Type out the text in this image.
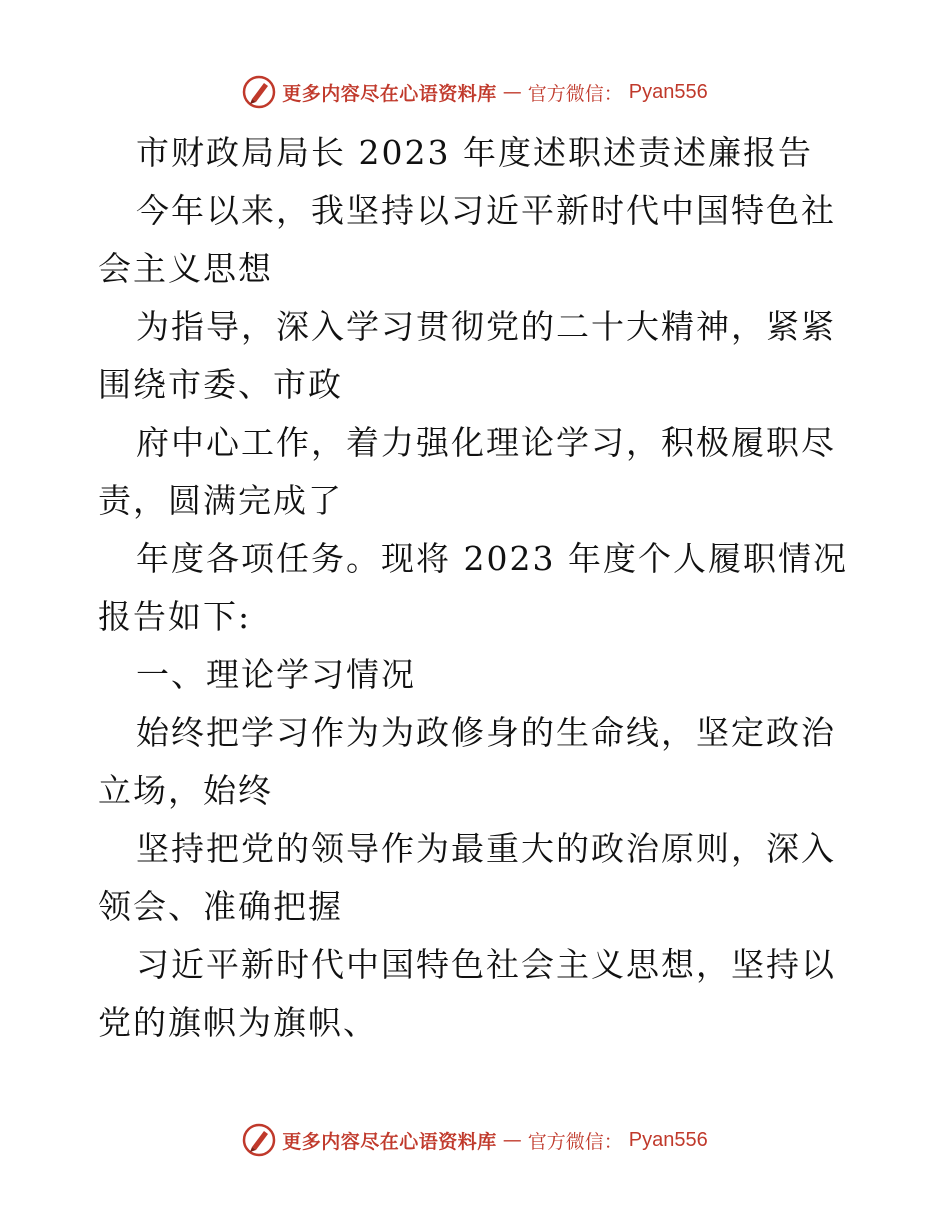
更多内容尽在心语资料库 — 官方微信： Pyan556

市财政局局长 2023 年度述职述责述廉报告

今年以来，我坚持以习近平新时代中国特色社会主义思想

为指导，深入学习贯彻党的二十大精神，紧紧围绕市委、市政

府中心工作，着力强化理论学习，积极履职尽责，圆满完成了

年度各项任务。现将 2023 年度个人履职情况报告如下:

一、理论学习情况

始终把学习作为为政修身的生命线，坚定政治立场，始终

坚持把党的领导作为最重大的政治原则，深入领会、准确把握

习近平新时代中国特色社会主义思想，坚持以党的旗帜为旗帜、

更多内容尽在心语资料库 — 官方微信： Pyan556
